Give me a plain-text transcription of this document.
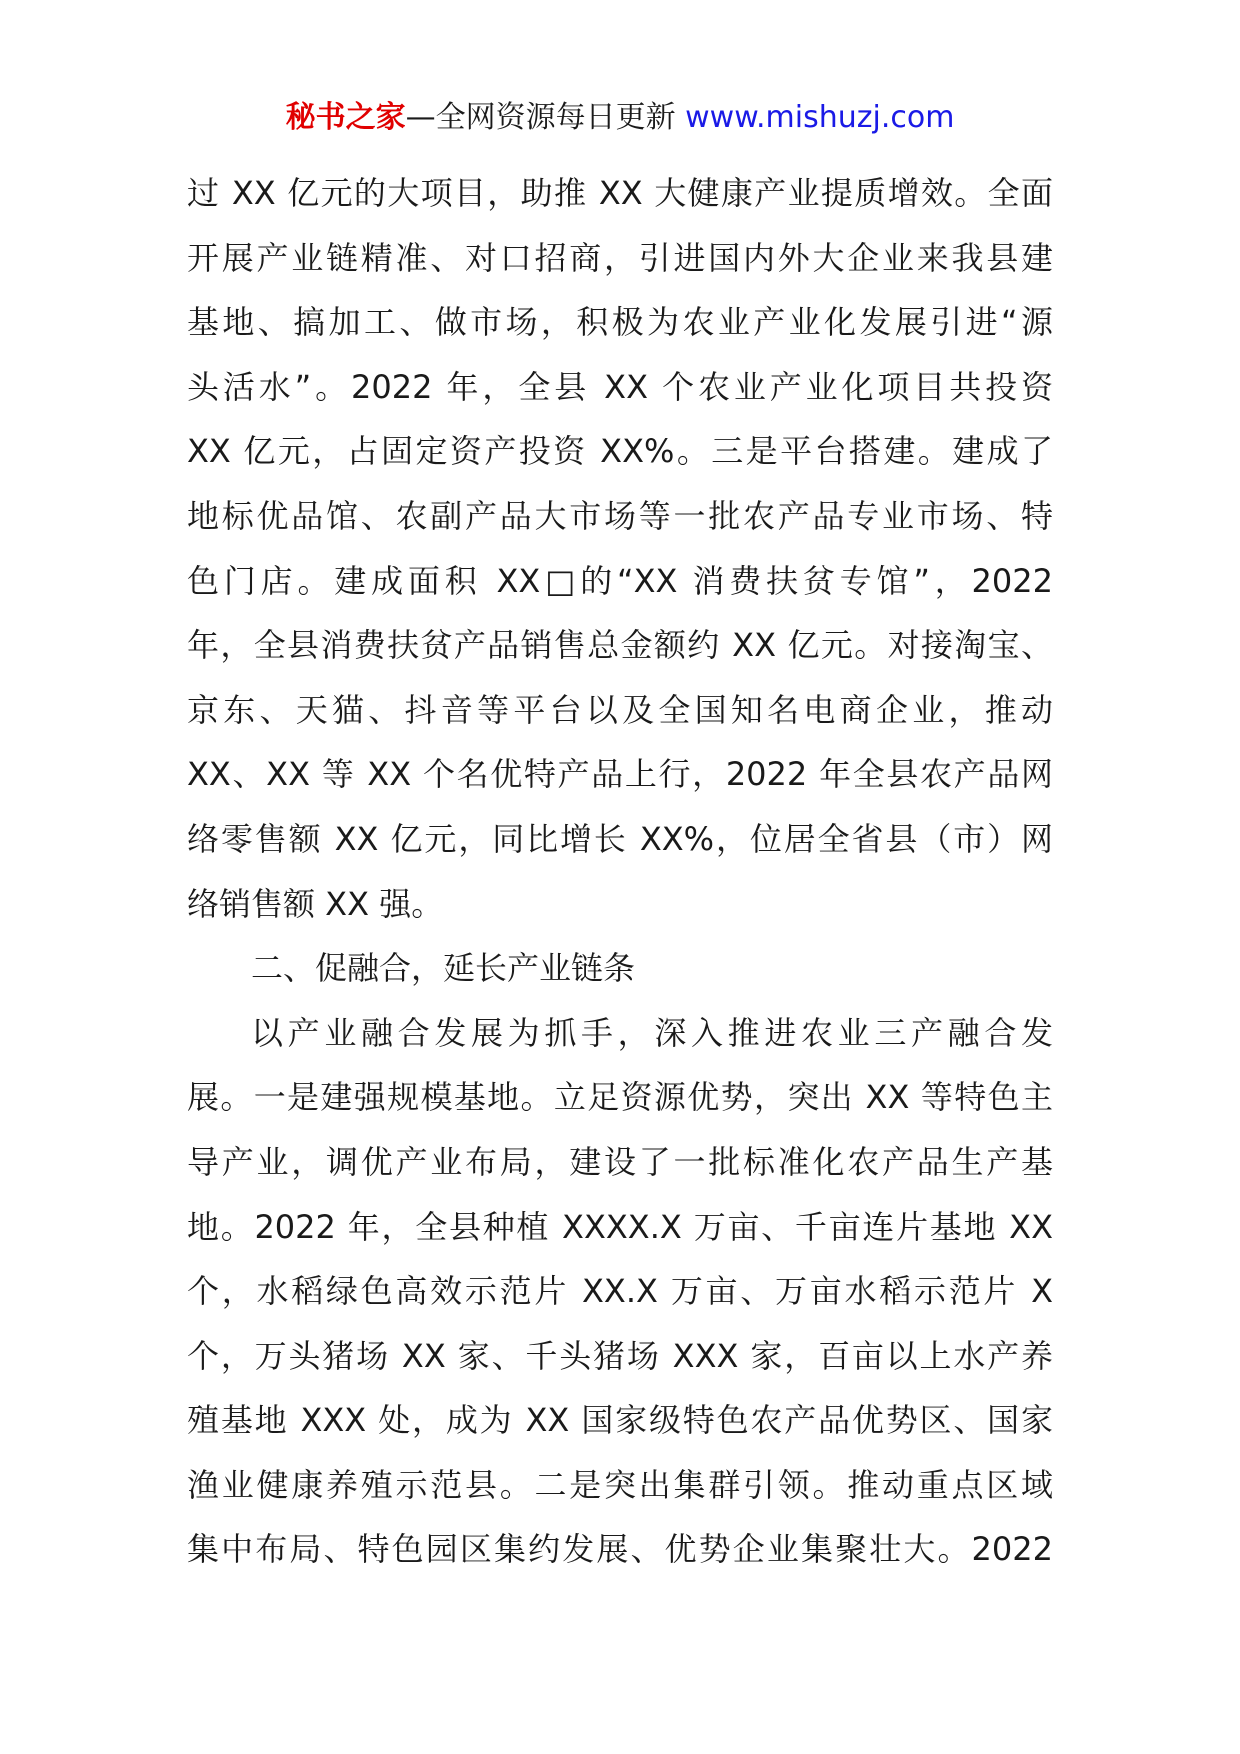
秘书之家—全网资源每日更新 www.mishuzj.com
过 XX 亿元的大项目，助推 XX 大健康产业提质增效。全面
开展产业链精准、对口招商，引进国内外大企业来我县建
基地、搞加工、做市场，积极为农业产业化发展引进“源
头活水”。2022 年，全县 XX 个农业产业化项目共投资
XX 亿元，占固定资产投资 XX%。三是平台搭建。建成了
地标优品馆、农副产品大市场等一批农产品专业市场、特
色门店。建成面积 XX□的“XX 消费扶贫专馆”，2022
年，全县消费扶贫产品销售总金额约 XX 亿元。对接淘宝、
京东、天猫、抖音等平台以及全国知名电商企业，推动
XX、XX 等 XX 个名优特产品上行，2022 年全县农产品网
络零售额 XX 亿元，同比增长 XX%，位居全省县（市）网
络销售额 XX 强。
二、促融合，延长产业链条
以产业融合发展为抓手，深入推进农业三产融合发
展。一是建强规模基地。立足资源优势，突出 XX 等特色主
导产业，调优产业布局，建设了一批标准化农产品生产基
地。2022 年，全县种植 XXXX.X 万亩、千亩连片基地 XX
个，水稻绿色高效示范片 XX.X 万亩、万亩水稻示范片 X
个，万头猪场 XX 家、千头猪场 XXX 家，百亩以上水产养
殖基地 XXX 处，成为 XX 国家级特色农产品优势区、国家
渔业健康养殖示范县。二是突出集群引领。推动重点区域
集中布局、特色园区集约发展、优势企业集聚壮大。2022
